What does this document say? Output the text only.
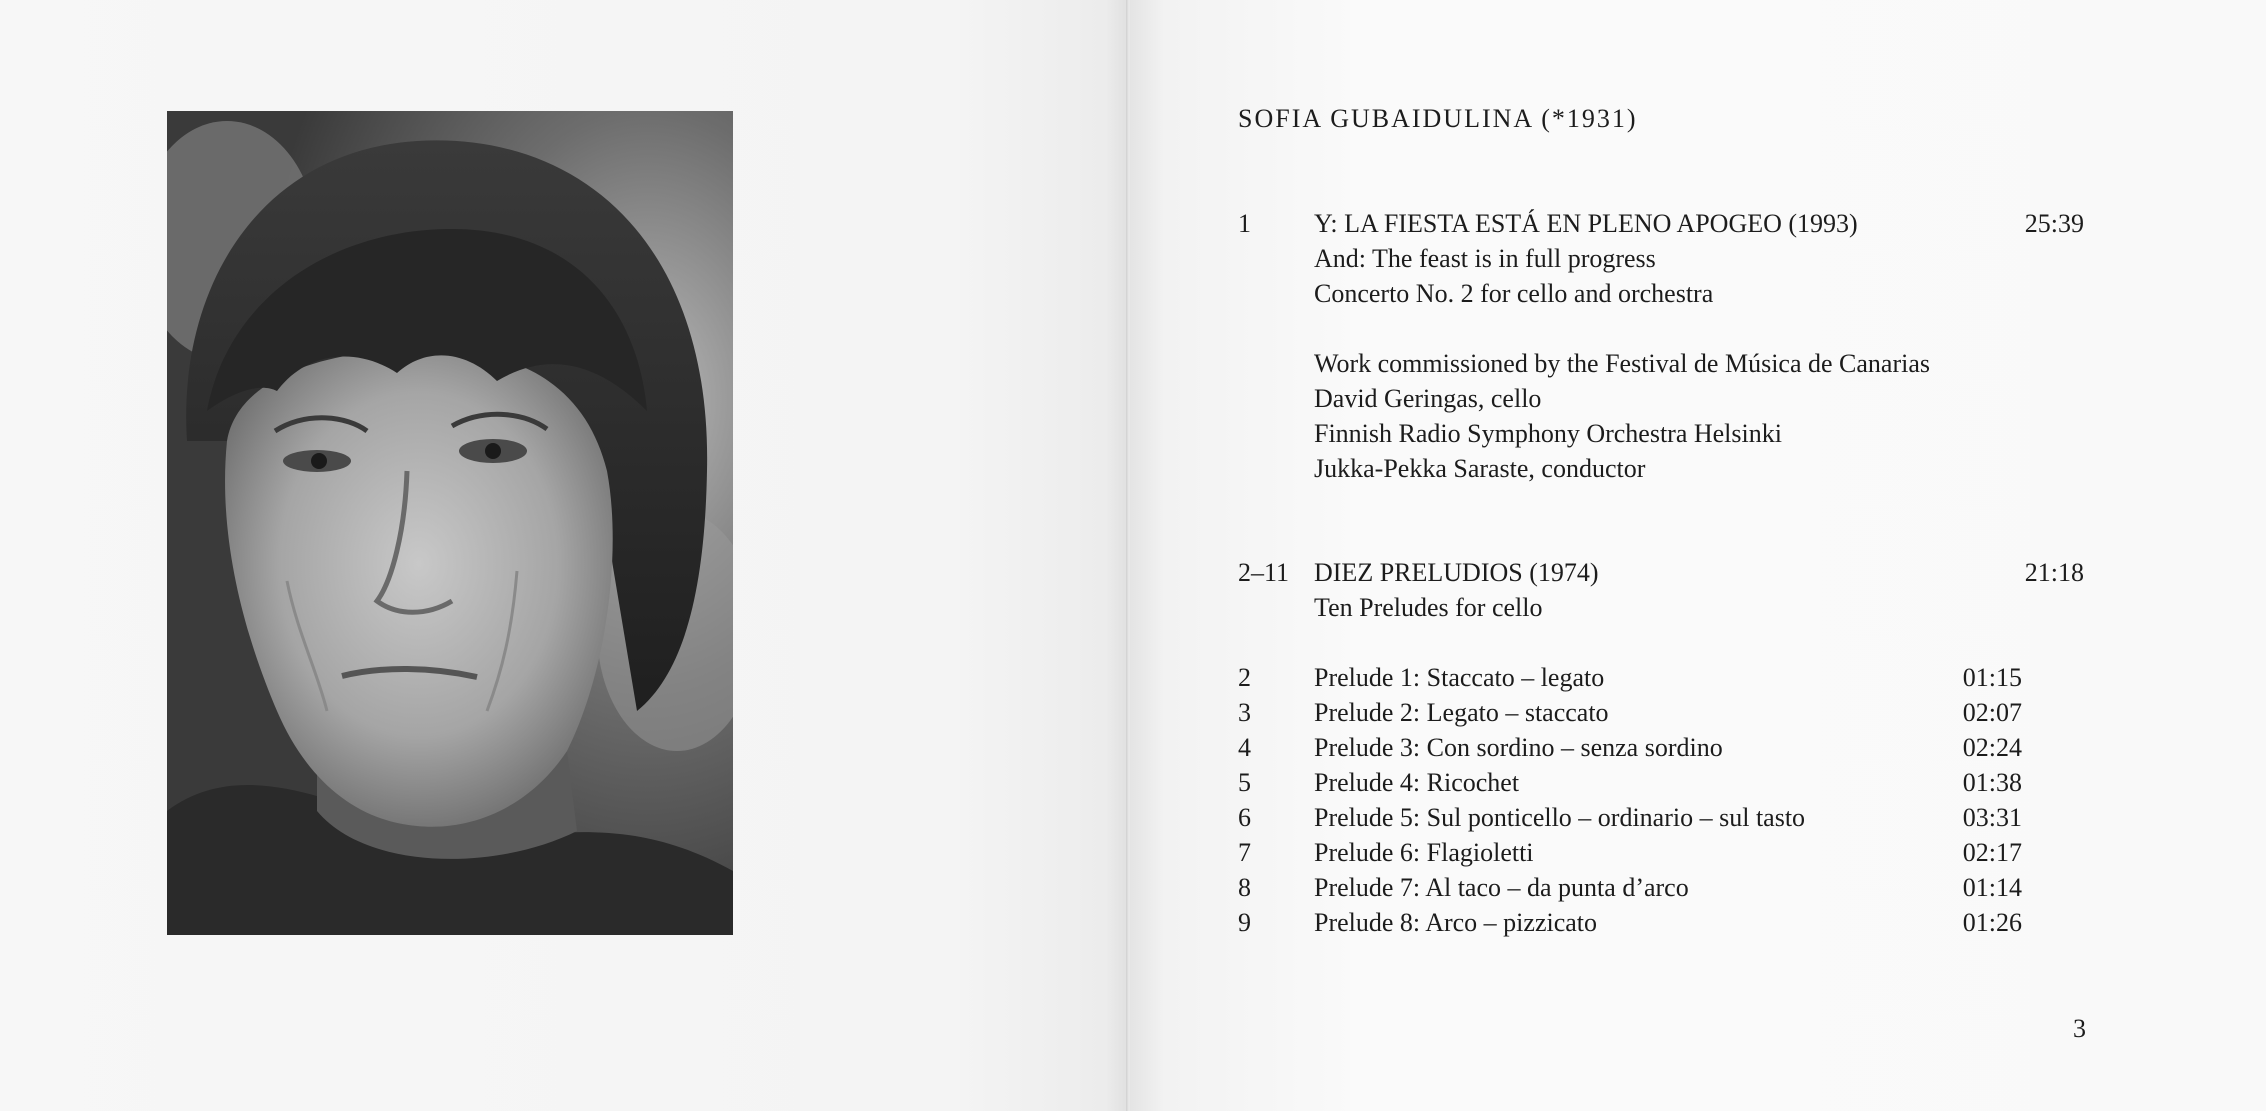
SOFIA GUBAIDULINA (*1931)
1 Y: LA FIESTA ESTÁ EN PLENO APOGEO (1993)	25:39
And: The feast is in full progress
Concerto No. 2 for cello and orchestra
Work commissioned by the Festival de Música de Canarias
David Geringas, cello
Finnish Radio Symphony Orchestra Helsinki
Jukka-Pekka Saraste, conductor
2–11 DIEZ PRELUDIOS (1974)	21:18
Ten Preludes for cello
2 Prelude 1: Staccato – legato	01:15
3 Prelude 2: Legato – staccato	02:07
4 Prelude 3: Con sordino – senza sordino	02:24
5 Prelude 4: Ricochet	01:38
6 Prelude 5: Sul ponticello – ordinario – sul tasto	03:31
7 Prelude 6: Flagioletti	02:17
8 Prelude 7: Al taco – da punta d’arco	01:14
9 Prelude 8: Arco – pizzicato	01:26
3
